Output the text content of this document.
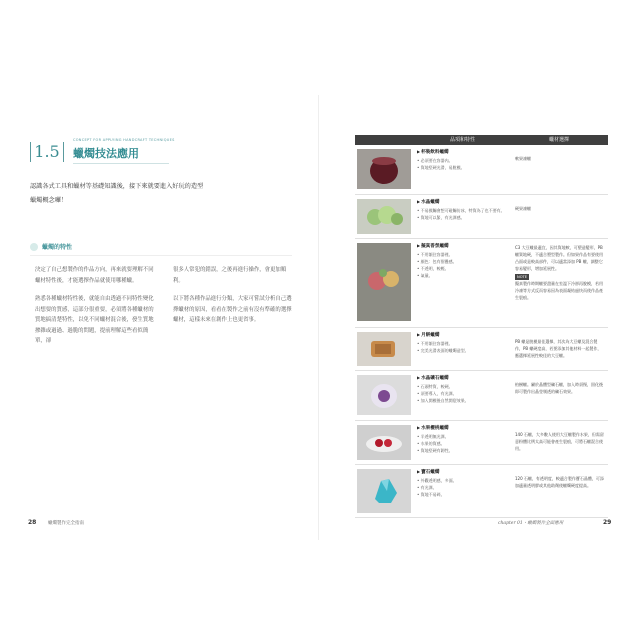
1.5
CONCEPT FOR APPLYING HANDCRAFT TECHNIQUES
蠟燭技法應用
認識各式工具和蠟材等基礎知識後，接下來就要進入好玩的造型
蠟燭概念囉！
蠟燭的特性

決定了自己想製作的作品方向，再來就要理解不同蠟材特性後，才能選擇作品就使用哪種蠟。

熟悉各種蠟材特性後，就能自由透過不同特性變化出想要的質感，這部分很重要，必須將各種蠟材的質地搞清楚特性，以免不同蠟材混合後，發生質地掺雜或過過、過脆的問題，提前理解這些看似簡單，卻

很多人常犯的錯誤，之後再進行操作，會更加順利。

以下將各種作品進行分類，大家可嘗試分析自己選擇蠟材的原因，看看在製作之前有沒有準確的選擇蠟材，這樣未來在創作上也更省事。

28	蠟燭製作完全指南
品項和特性	蠟材選擇
▶杯裝飲料蠟燭
• 必須要在容器內。
• 質地堅硬光滑，易脫模。
軟果凍蠟
▶水晶蠟燭
• 不易摸觸會想可碰觸仿冰，特質為了也不要有。
• 質地可以緊，有光澤感。
硬果凍蠟
▶擬真香氛蠟燭
• 不用額住容器裡。
• 顏色：包有摺疊感。
• 不透明，較輕。
• 氣量。
C3 大豆蠟最適宜，因其質地軟，可塑造變形，PB 蠟質地硬，不適合塑型製作。但如果作品有要使用凸面或是較高部件，可以適當添加 PB 蠟，調整它容易變形，增加延展性。
NOTE
擬真製作時期蠟要盡量在室溫下冷卻再脫模，若用冷凍等方式反而容易因為表面凝結過快而使作品產生裂痕。
▶月餅蠟燭
• 不用額住容器裡。
• 完美光滑表面的蠟燭造型。
PB 蠟是脫模最佳選擇，其次為大豆蠟及混合製作，PB 蠟硬度高，若要添加其他材料一起製作，應選擇延展性較佳的大豆蠟。
▶水晶礦石蠟燭
• 石頭特質，較硬。
• 須要導入，有光澤。
• 加入開模後自然開裂效果。
柏樹蠟。屬於晶體型礦石蠟，加入時須慢，固化後即可製作出晶瑩剔透的礦石效果。
▶水果櫻桃蠟燭
• 半透明無光澤。
• 水果的質感。
• 質地堅硬有韌性。
140 石蠟，大多數人使用大豆蠟製作水果，但需留意粉體比例太高可能會產生裂痕，可將石蠟混合使用。
▶寶石蠟燭
• 外觀透明感，多面。
• 有光澤。
• 質地不易碎。
120 石蠟，有透明度，較適合製作寶石晶體，可添加適量透明膠或其他助劑使蠟燭硬度提高。
chapter 01・蠟燭製作全面應用	29
